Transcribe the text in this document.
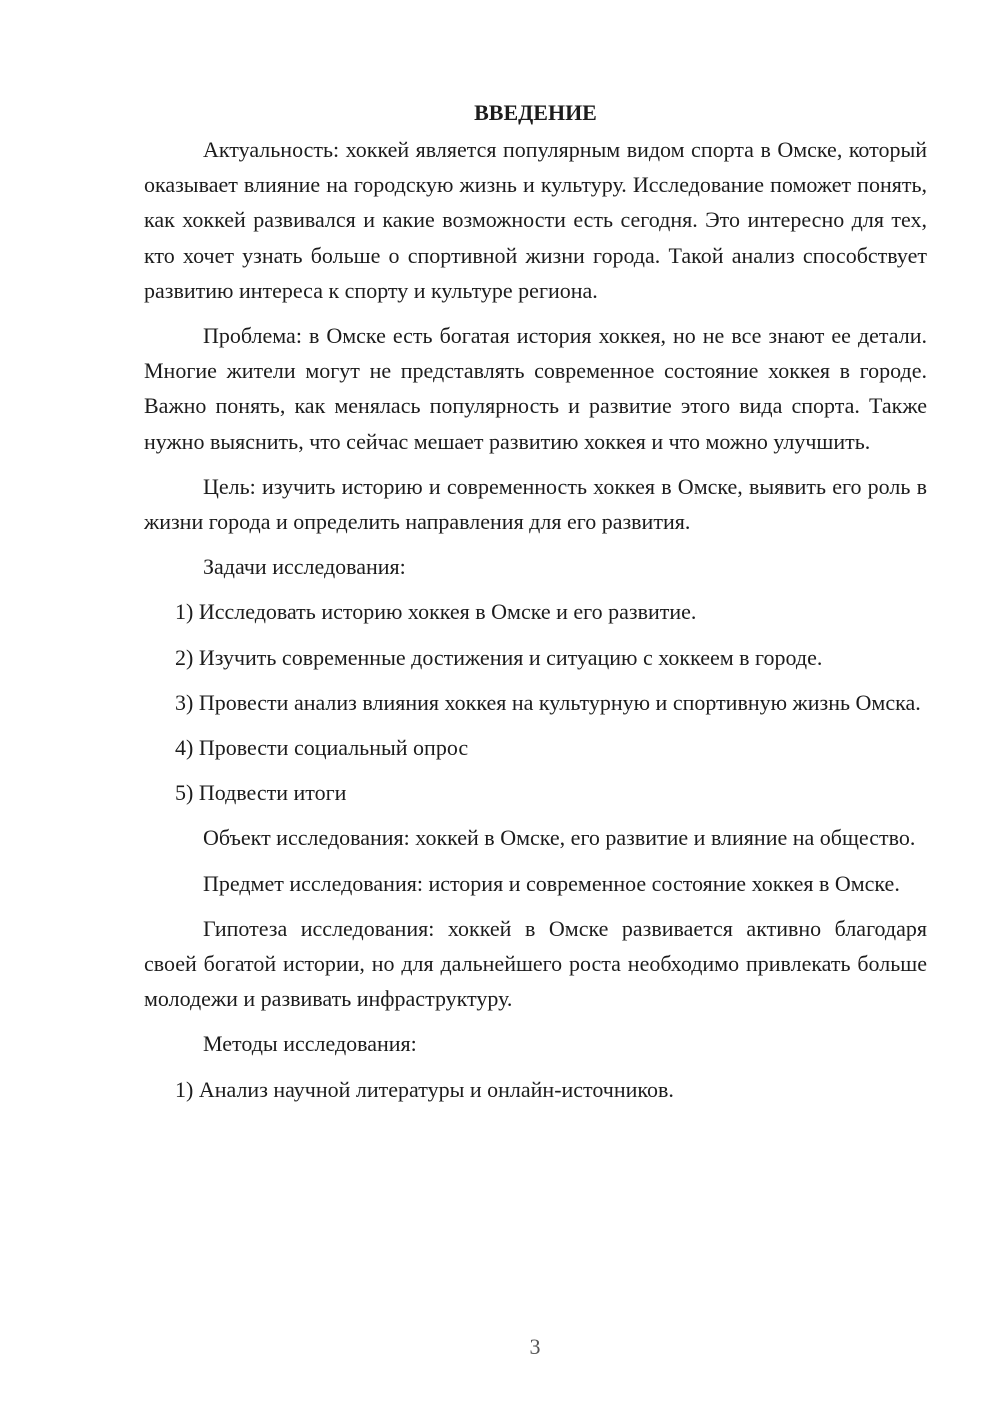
ВВЕДЕНИЕ

Актуальность: хоккей является популярным видом спорта в Омске, который оказывает влияние на городскую жизнь и культуру. Исследование поможет понять, как хоккей развивался и какие возможности есть сегодня. Это интересно для тех, кто хочет узнать больше о спортивной жизни города. Такой анализ способствует развитию интереса к спорту и культуре региона.

Проблема: в Омске есть богатая история хоккея, но не все знают ее детали. Многие жители могут не представлять современное состояние хоккея в городе. Важно понять, как менялась популярность и развитие этого вида спорта. Также нужно выяснить, что сейчас мешает развитию хоккея и что можно улучшить.

Цель: изучить историю и современность хоккея в Омске, выявить его роль в жизни города и определить направления для его развития.

Задачи исследования:

1) Исследовать историю хоккея в Омске и его развитие.

2) Изучить современные достижения и ситуацию с хоккеем в городе.

3) Провести анализ влияния хоккея на культурную и спортивную жизнь Омска.

4) Провести социальный опрос

5) Подвести итоги

Объект исследования: хоккей в Омске, его развитие и влияние на общество.

Предмет исследования: история и современное состояние хоккея в Омске.

Гипотеза исследования: хоккей в Омске развивается активно благодаря своей богатой истории, но для дальнейшего роста необходимо привлекать больше молодежи и развивать инфраструктуру.

Методы исследования:

1) Анализ научной литературы и онлайн-источников.

3
